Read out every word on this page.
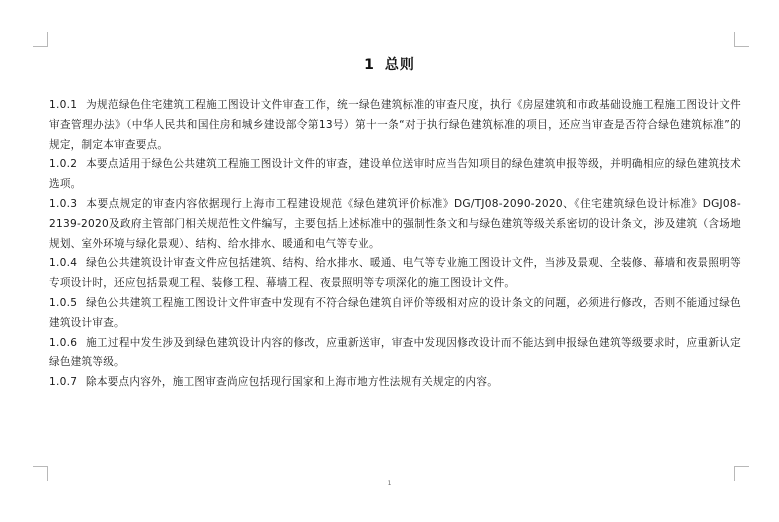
1 总则

1.0.1 为规范绿色住宅建筑工程施工图设计文件审查工作，统一绿色建筑标准的审查尺度，执行《房屋建筑和市政基础设施工程施工图设计文件审查管理办法》（中华人民共和国住房和城乡建设部令第13号）第十一条“对于执行绿色建筑标准的项目，还应当审查是否符合绿色建筑标准”的规定，制定本审查要点。

1.0.2 本要点适用于绿色公共建筑工程施工图设计文件的审查，建设单位送审时应当告知项目的绿色建筑申报等级，并明确相应的绿色建筑技术选项。

1.0.3 本要点规定的审查内容依据现行上海市工程建设规范《绿色建筑评价标准》DG/TJ08-2090-2020、《住宅建筑绿色设计标准》DGJ08-2139-2020及政府主管部门相关规范性文件编写，主要包括上述标准中的强制性条文和与绿色建筑等级关系密切的设计条文，涉及建筑（含场地规划、室外环境与绿化景观）、结构、给水排水、暖通和电气等专业。

1.0.4 绿色公共建筑设计审查文件应包括建筑、结构、给水排水、暖通、电气等专业施工图设计文件，当涉及景观、全装修、幕墙和夜景照明等专项设计时，还应包括景观工程、装修工程、幕墙工程、夜景照明等专项深化的施工图设计文件。

1.0.5 绿色公共建筑工程施工图设计文件审查中发现有不符合绿色建筑自评价等级相对应的设计条文的问题，必须进行修改，否则不能通过绿色建筑设计审查。

1.0.6 施工过程中发生涉及到绿色建筑设计内容的修改，应重新送审，审查中发现因修改设计而不能达到申报绿色建筑等级要求时，应重新认定绿色建筑等级。

1.0.7 除本要点内容外，施工图审查尚应包括现行国家和上海市地方性法规有关规定的内容。

1
